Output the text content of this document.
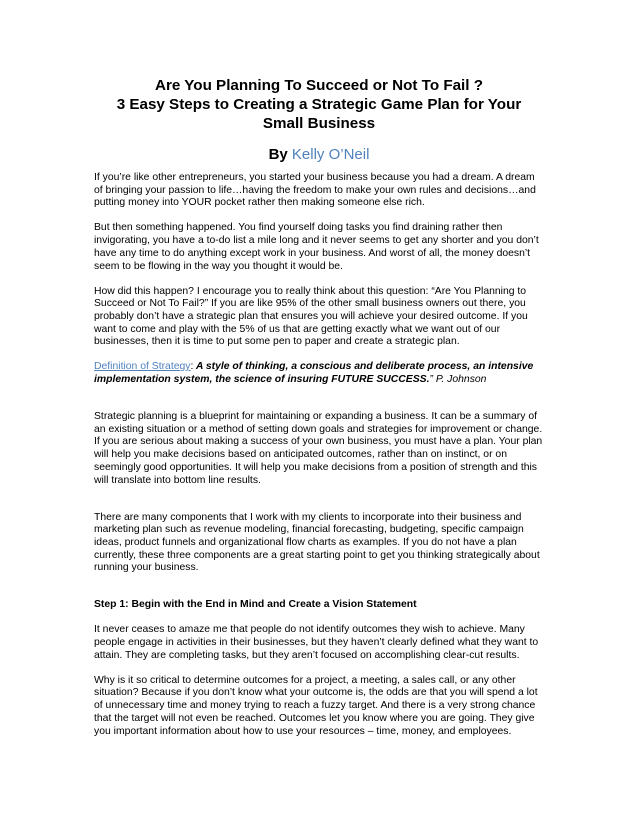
Are You Planning To Succeed or Not To Fail ?
3 Easy Steps to Creating a Strategic Game Plan for Your
Small Business
By Kelly O’Neil

If you’re like other entrepreneurs, you started your business because you had a dream. A dream of bringing your passion to life…having the freedom to make your own rules and decisions…and putting money into YOUR pocket rather then making someone else rich.

But then something happened. You find yourself doing tasks you find draining rather then invigorating, you have a to-do list a mile long and it never seems to get any shorter and you don’t have any time to do anything except work in your business. And worst of all, the money doesn’t seem to be flowing in the way you thought it would be.

How did this happen? I encourage you to really think about this question: “Are You Planning to Succeed or Not To Fail?” If you are like 95% of the other small business owners out there, you probably don’t have a strategic plan that ensures you will achieve your desired outcome. If you want to come and play with the 5% of us that are getting exactly what we want out of our businesses, then it is time to put some pen to paper and create a strategic plan.

Definition of Strategy: A style of thinking, a conscious and deliberate process, an intensive implementation system, the science of insuring FUTURE SUCCESS.” P. Johnson

Strategic planning is a blueprint for maintaining or expanding a business. It can be a summary of an existing situation or a method of setting down goals and strategies for improvement or change. If you are serious about making a success of your own business, you must have a plan. Your plan will help you make decisions based on anticipated outcomes, rather than on instinct, or on seemingly good opportunities. It will help you make decisions from a position of strength and this will translate into bottom line results.

There are many components that I work with my clients to incorporate into their business and marketing plan such as revenue modeling, financial forecasting, budgeting, specific campaign ideas, product funnels and organizational flow charts as examples. If you do not have a plan currently, these three components are a great starting point to get you thinking strategically about running your business.

Step 1: Begin with the End in Mind and Create a Vision Statement

It never ceases to amaze me that people do not identify outcomes they wish to achieve. Many people engage in activities in their businesses, but they haven’t clearly defined what they want to attain. They are completing tasks, but they aren’t focused on accomplishing clear-cut results.

Why is it so critical to determine outcomes for a project, a meeting, a sales call, or any other situation? Because if you don’t know what your outcome is, the odds are that you will spend a lot of unnecessary time and money trying to reach a fuzzy target. And there is a very strong chance that the target will not even be reached. Outcomes let you know where you are going. They give you important information about how to use your resources – time, money, and employees.
